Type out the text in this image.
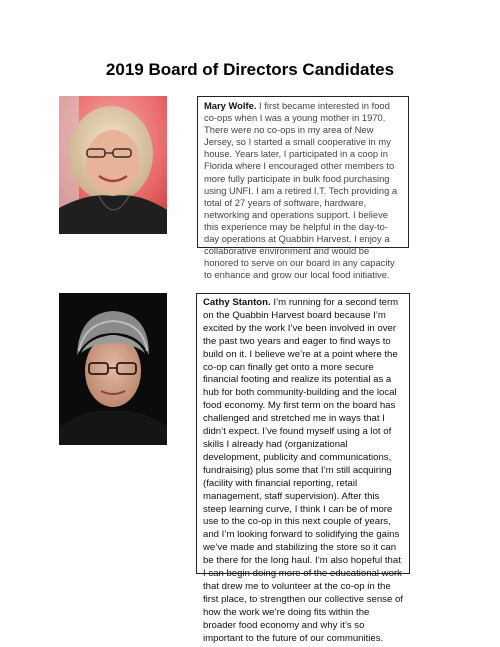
2019 Board of Directors Candidates
Mary Wolfe. I first became interested in food co-ops when I was a young mother in 1970. There were no co-ops in my area of New Jersey, so I started a small cooperative in my house. Years later, I participated in a coop in Florida where I encouraged other members to more fully participate in bulk food purchasing using UNFI. I am a retired I.T. Tech providing a total of 27 years of software, hardware, networking and operations support. I believe this experience may be helpful in the day-to-day operations at Quabbin Harvest. I enjoy a collaborative environment and would be honored to serve on our board in any capacity to enhance and grow our local food initiative.
Cathy Stanton. I’m running for a second term on the Quabbin Harvest board because I’m excited by the work I’ve been involved in over the past two years and eager to find ways to build on it. I believe we’re at a point where the co-op can finally get onto a more secure financial footing and realize its potential as a hub for both community-building and the local food economy. My first term on the board has challenged and stretched me in ways that I didn’t expect. I’ve found myself using a lot of skills I already had (organizational development, publicity and communications, fundraising) plus some that I’m still acquiring (facility with financial reporting, retail management, staff supervision). After this steep learning curve, I think I can be of more use to the co-op in this next couple of years, and I’m looking forward to solidifying the gains we’ve made and stabilizing the store so it can be there for the long haul. I’m also hopeful that I can begin doing more of the educational work that drew me to volunteer at the co-op in the first place, to strengthen our collective sense of how the work we’re doing fits within the broader food economy and why it’s so important to the future of our communities.
